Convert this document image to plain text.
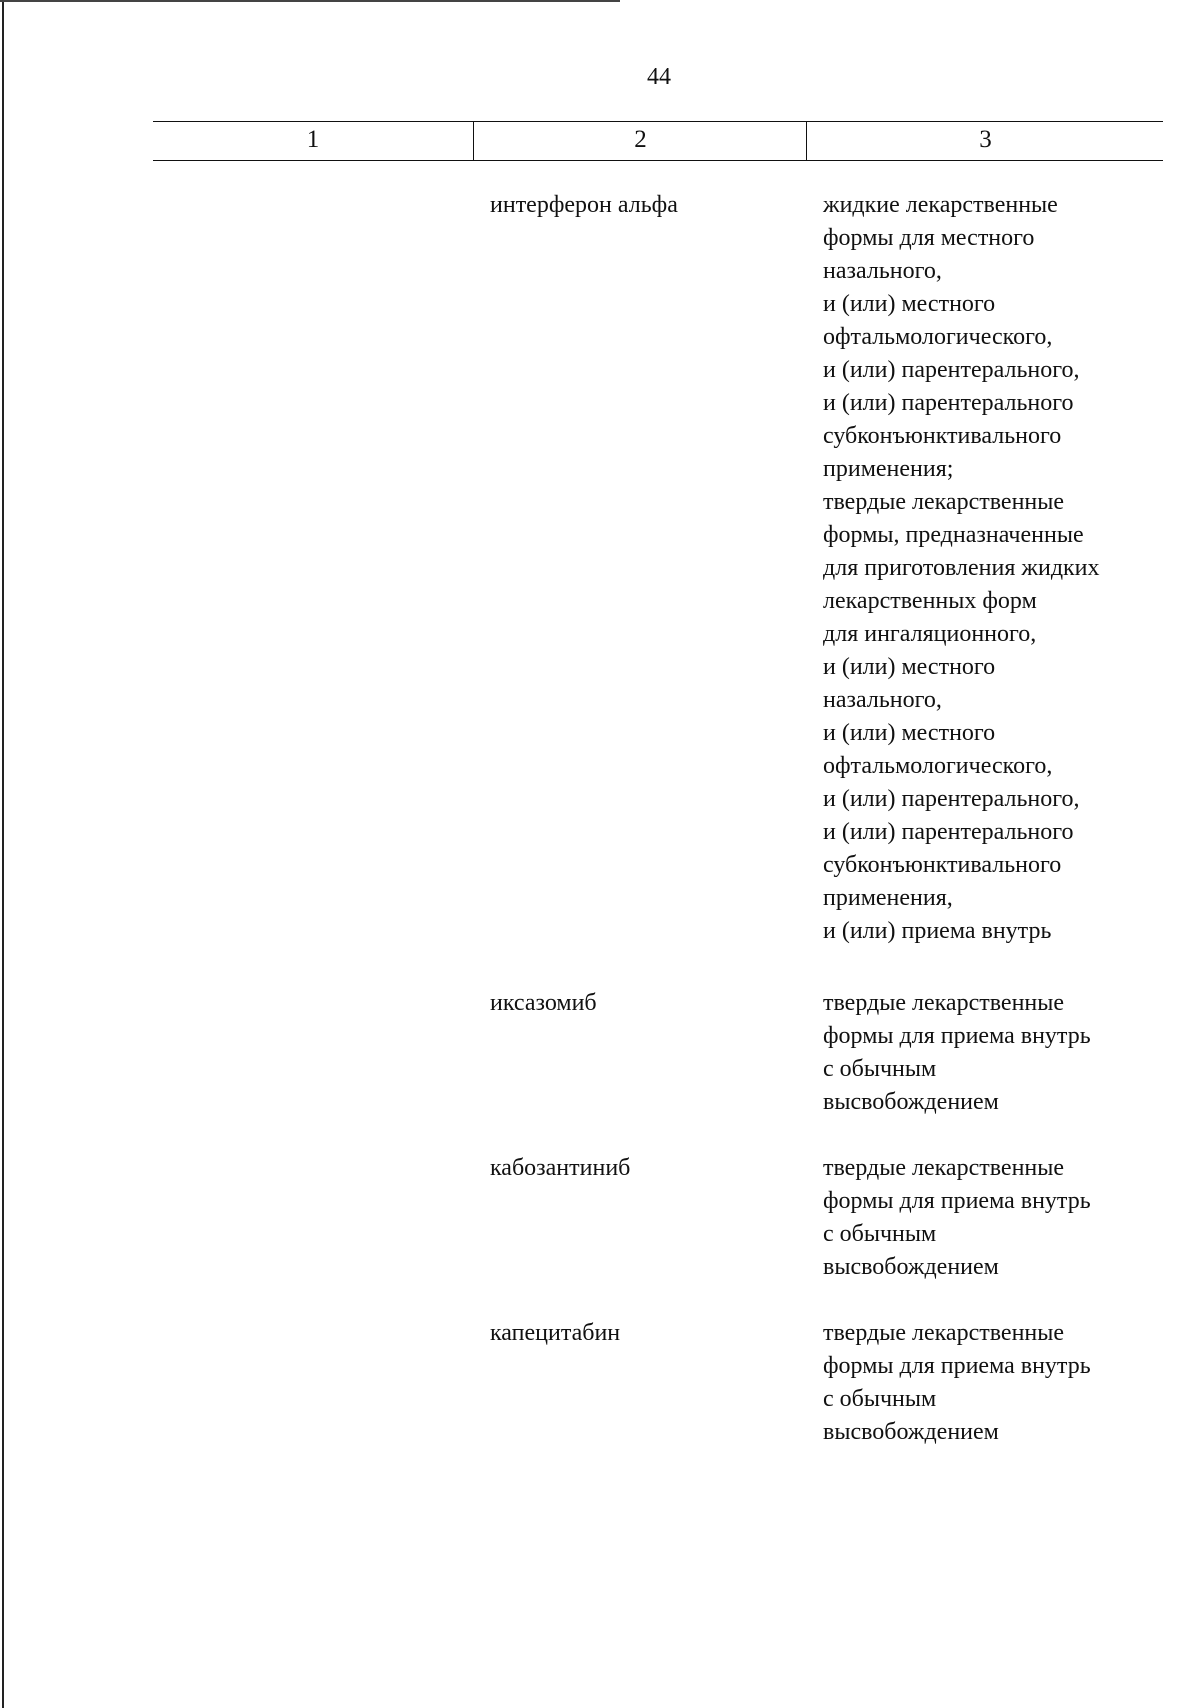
44
1	2	3
интерферон альфа	жидкие лекарственные
формы для местного
назального,
и (или) местного
офтальмологического,
и (или) парентерального,
и (или) парентерального
субконъюнктивального
применения;
твердые лекарственные
формы, предназначенные
для приготовления жидких
лекарственных форм
для ингаляционного,
и (или) местного
назального,
и (или) местного
офтальмологического,
и (или) парентерального,
и (или) парентерального
субконъюнктивального
применения,
и (или) приема внутрь
иксазомиб	твердые лекарственные
формы для приема внутрь
с обычным
высвобождением
кабозантиниб	твердые лекарственные
формы для приема внутрь
с обычным
высвобождением
капецитабин	твердые лекарственные
формы для приема внутрь
с обычным
высвобождением
